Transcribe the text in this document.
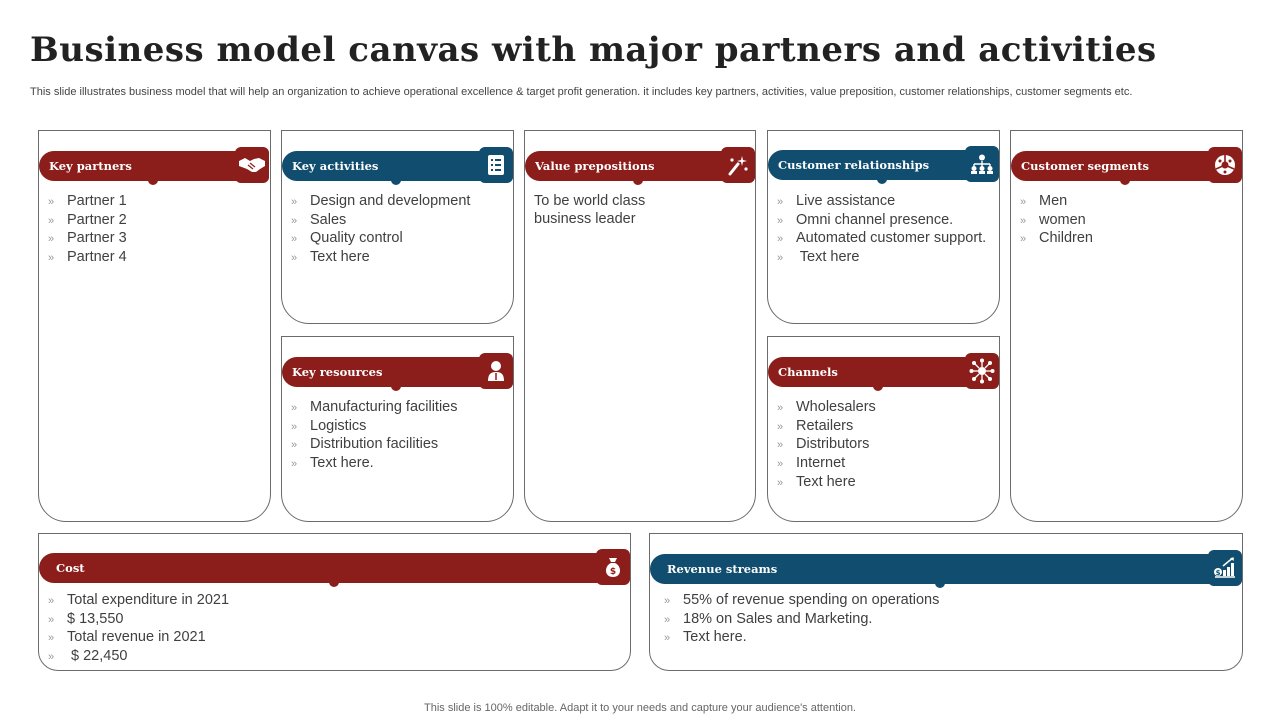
Business model canvas with major partners and activities
This slide illustrates business model that will help an organization to achieve operational excellence & target profit generation. it includes key partners, activities, value preposition, customer relationships, customer segments etc.
Key partners
» Partner 1
» Partner 2
» Partner 3
» Partner 4
Key activities
» Design and development
» Sales
» Quality control
» Text here
Key resources
» Manufacturing facilities
» Logistics
» Distribution facilities
» Text here.
Value prepositions
To be world class
business leader
Customer relationships
» Live assistance
» Omni channel presence.
» Automated customer support.
» Text here
Channels
» Wholesalers
» Retailers
» Distributors
» Internet
» Text here
Customer segments
» Men
» women
» Children
Cost	$
» Total expenditure in 2021
» $ 13,550
» Total revenue in 2021
» $ 22,450
Revenue streams	$
» 55% of revenue spending on operations
» 18% on Sales and Marketing.
» Text here.
This slide is 100% editable. Adapt it to your needs and capture your audience's attention.
